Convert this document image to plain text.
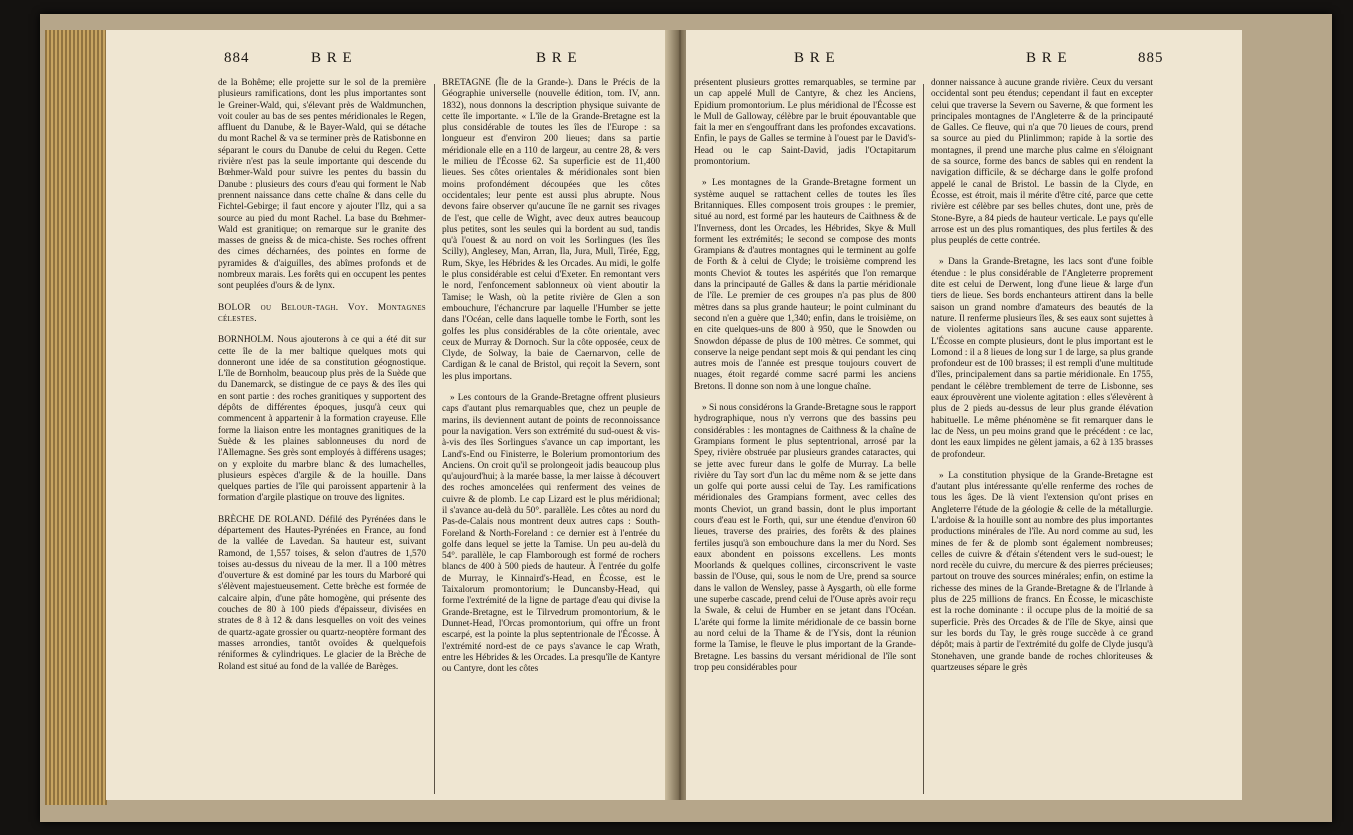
884	B R E	B R E

de la Bohême; elle projette sur le sol de la première plusieurs ramifications, dont les plus importantes sont le Greiner-Wald, qui, s'élevant près de Waldmunchen, voit couler au bas de ses pentes méridionales le Regen, affluent du Danube, & le Bayer-Wald, qui se détache du mont Rachel & va se terminer près de Ratisbonne en séparant le cours du Danube de celui du Regen. Cette rivière n'est pas la seule importante qui descende du Bœhmer-Wald pour suivre les pentes du bassin du Danube : plusieurs des cours d'eau qui forment le Nab prennent naissance dans cette chaîne & dans celle du Fichtel-Gebirge; il faut encore y ajouter l'Ilz, qui a sa source au pied du mont Rachel. La base du Bœhmer-Wald est granitique; on remarque sur le granite des masses de gneiss & de mica-chiste. Ses roches offrent des cimes décharnées, des pointes en forme de pyramides & d'aiguilles, des abîmes profonds et de nombreux marais. Les forêts qui en occupent les pentes sont peuplées d'ours & de lynx.

BOLOR ou Belour-tagh. Voy. Montagnes célestes.

BORNHOLM. Nous ajouterons à ce qui a été dit sur cette île de la mer baltique quelques mots qui donneront une idée de sa constitution géognostique. L'île de Bornholm, beaucoup plus près de la Suède que du Danemarck, se distingue de ce pays & des îles qui en sont partie : des roches granitiques y supportent des dépôts de différentes époques, jusqu'à ceux qui commencent à appartenir à la formation crayeuse. Elle forme la liaison entre les montagnes granitiques de la Suède & les plaines sablonneuses du nord de l'Allemagne. Ses grès sont employés à différens usages; on y exploite du marbre blanc & des lumachelles, plusieurs espèces d'argile & de la houille. Dans quelques parties de l'île qui paroissent appartenir à la formation d'argile plastique on trouve des lignites.

BRÈCHE DE ROLAND. Défilé des Pyrénées dans le département des Hautes-Pyrénées en France, au fond de la vallée de Lavedan. Sa hauteur est, suivant Ramond, de 1,557 toises, & selon d'autres de 1,570 toises au-dessus du niveau de la mer. Il a 100 mètres d'ouverture & est dominé par les tours du Marboré qui s'élèvent majestueusement. Cette brèche est formée de calcaire alpin, d'une pâte homogène, qui présente des couches de 80 à 100 pieds d'épaisseur, divisées en strates de 8 à 12 & dans lesquelles on voit des veines de quartz-agate grossier ou quartz-neoptère formant des masses arrondies, tantôt ovoïdes & quelquefois réniformes & cylindriques. Le glacier de la Brèche de Roland est situé au fond de la vallée de Barèges.

BRETAGNE (Île de la Grande-). Dans le Précis de la Géographie universelle (nouvelle édition, tom. IV, ann. 1832), nous donnons la description physique suivante de cette île importante. « L'île de la Grande-Bretagne est la plus considérable de toutes les îles de l'Europe : sa longueur est d'environ 200 lieues; dans sa partie méridionale elle en a 110 de largeur, au centre 28, & vers le milieu de l'Écosse 62. Sa superficie est de 11,400 lieues. Ses côtes orientales & méridionales sont bien moins profondément découpées que les côtes occidentales; leur pente est aussi plus abrupte. Nous devons faire observer qu'aucune île ne garnit ses rivages de l'est, que celle de Wight, avec deux autres beaucoup plus petites, sont les seules qui la bordent au sud, tandis qu'à l'ouest & au nord on voit les Sorlingues (les îles Scilly), Anglesey, Man, Arran, Ila, Jura, Mull, Tirée, Egg, Rum, Skye, les Hébrides & les Orcades. Au midi, le golfe le plus considérable est celui d'Exeter. En remontant vers le nord, l'enfoncement sablonneux où vient aboutir la Tamise; le Wash, où la petite rivière de Glen a son embouchure, l'échancrure par laquelle l'Humber se jette dans l'Océan, celle dans laquelle tombe le Forth, sont les golfes les plus considérables de la côte orientale, avec ceux de Murray & Dornoch. Sur la côte opposée, ceux de Clyde, de Solway, la baie de Caernarvon, celle de Cardigan & le canal de Bristol, qui reçoit la Severn, sont les plus importans.

» Les contours de la Grande-Bretagne offrent plusieurs caps d'autant plus remarquables que, chez un peuple de marins, ils deviennent autant de points de reconnoissance pour la navigation. Vers son extrémité du sud-ouest & vis-à-vis des îles Sorlingues s'avance un cap important, les Land's-End ou Finisterre, le Bolerium promontorium des Anciens. On croit qu'il se prolongeoit jadis beaucoup plus qu'aujourd'hui; à la marée basse, la mer laisse à découvert des roches amoncelées qui renferment des veines de cuivre & de plomb. Le cap Lizard est le plus méridional; il s'avance au-delà du 50°. parallèle. Les côtes au nord du Pas-de-Calais nous montrent deux autres caps : South-Foreland & North-Foreland : ce dernier est à l'entrée du golfe dans lequel se jette la Tamise. Un peu au-delà du 54°. parallèle, le cap Flamborough est formé de rochers blancs de 400 à 500 pieds de hauteur. À l'entrée du golfe de Murray, le Kinnaird's-Head, en Écosse, est le Taixalorum promontorium; le Duncansby-Head, qui forme l'extrémité de la ligne de partage d'eau qui divise la Grande-Bretagne, est le Tilrvedrum promontorium, & le Dunnet-Head, l'Orcas promontorium, qui offre un front escarpé, est la pointe la plus septentrionale de l'Écosse. À l'extrémité nord-est de ce pays s'avance le cap Wrath, entre les Hébrides & les Orcades. La presqu'île de Kantyre ou Cantyre, dont les côtes

B R E	B R E	885

présentent plusieurs grottes remarquables, se termine par un cap appelé Mull de Cantyre, & chez les Anciens, Epidium promontorium. Le plus méridional de l'Écosse est le Mull de Galloway, célèbre par le bruit épouvantable que fait la mer en s'engouffrant dans les profondes excavations. Enfin, le pays de Galles se termine à l'ouest par le David's-Head ou le cap Saint-David, jadis l'Octapitarum promontorium.

» Les montagnes de la Grande-Bretagne forment un système auquel se rattachent celles de toutes les îles Britanniques. Elles composent trois groupes : le premier, situé au nord, est formé par les hauteurs de Caithness & de l'Inverness, dont les Orcades, les Hébrides, Skye & Mull forment les extrémités; le second se compose des monts Grampians & d'autres montagnes qui le terminent au golfe de Forth & à celui de Clyde; le troisième comprend les monts Cheviot & toutes les aspérités que l'on remarque dans la principauté de Galles & dans la partie méridionale de l'île. Le premier de ces groupes n'a pas plus de 800 mètres dans sa plus grande hauteur; le point culminant du second n'en a guère que 1,340; enfin, dans le troisième, on en cite quelques-uns de 800 à 950, que le Snowden ou Snowdon dépasse de plus de 100 mètres. Ce sommet, qui conserve la neige pendant sept mois & qui pendant les cinq autres mois de l'année est presque toujours couvert de nuages, étoit regardé comme sacré parmi les anciens Bretons. Il donne son nom à une longue chaîne.

» Si nous considérons la Grande-Bretagne sous le rapport hydrographique, nous n'y verrons que des bassins peu considérables : les montagnes de Caithness & la chaîne de Grampians forment le plus septentrional, arrosé par la Spey, rivière obstruée par plusieurs grandes cataractes, qui se jette avec fureur dans le golfe de Murray. La belle rivière du Tay sort d'un lac du même nom & se jette dans un golfe qui porte aussi celui de Tay. Les ramifications méridionales des Grampians forment, avec celles des monts Cheviot, un grand bassin, dont le plus important cours d'eau est le Forth, qui, sur une étendue d'environ 60 lieues, traverse des prairies, des forêts & des plaines fertiles jusqu'à son embouchure dans la mer du Nord. Ses eaux abondent en poissons excellens. Les monts Moorlands & quelques collines, circonscrivent le vaste bassin de l'Ouse, qui, sous le nom de Ure, prend sa source dans le vallon de Wensley, passe à Aysgarth, où elle forme une superbe cascade, prend celui de l'Ouse après avoir reçu la Swale, & celui de Humber en se jetant dans l'Océan. L'aréte qui forme la limite méridionale de ce bassin borne au nord celui de la Thame & de l'Ysis, dont la réunion forme la Tamise, le fleuve le plus important de la Grande-Bretagne. Les bassins du versant méridional de l'île sont trop peu considérables pour

donner naissance à aucune grande rivière. Ceux du versant occidental sont peu étendus; cependant il faut en excepter celui que traverse la Severn ou Saverne, & que forment les principales montagnes de l'Angleterre & de la principauté de Galles. Ce fleuve, qui n'a que 70 lieues de cours, prend sa source au pied du Plinlimmon; rapide à la sortie des montagnes, il prend une marche plus calme en s'éloignant de sa source, forme des bancs de sables qui en rendent la navigation difficile, & se décharge dans le golfe profond appelé le canal de Bristol. Le bassin de la Clyde, en Écosse, est étroit, mais il mérite d'être cité, parce que cette rivière est célèbre par ses belles chutes, dont une, près de Stone-Byre, a 84 pieds de hauteur verticale. Le pays qu'elle arrose est un des plus romantiques, des plus fertiles & des plus peuplés de cette contrée.

» Dans la Grande-Bretagne, les lacs sont d'une foible étendue : le plus considérable de l'Angleterre proprement dite est celui de Derwent, long d'une lieue & large d'un tiers de lieue. Ses bords enchanteurs attirent dans la belle saison un grand nombre d'amateurs des beautés de la nature. Il renferme plusieurs îles, & ses eaux sont sujettes à de violentes agitations sans aucune cause apparente. L'Écosse en compte plusieurs, dont le plus important est le Lomond : il a 8 lieues de long sur 1 de large, sa plus grande profondeur est de 100 brasses; il est rempli d'une multitude d'îles, principalement dans sa partie méridionale. En 1755, pendant le célèbre tremblement de terre de Lisbonne, ses eaux éprouvèrent une violente agitation : elles s'élevèrent à plus de 2 pieds au-dessus de leur plus grande élévation habituelle. Le même phénomène se fit remarquer dans le lac de Ness, un peu moins grand que le précédent : ce lac, dont les eaux limpides ne gèlent jamais, a 62 à 135 brasses de profondeur.

» La constitution physique de la Grande-Bretagne est d'autant plus intéressante qu'elle renferme des roches de tous les âges. De là vient l'extension qu'ont prises en Angleterre l'étude de la géologie & celle de la métallurgie. L'ardoise & la houille sont au nombre des plus importantes productions minérales de l'île. Au nord comme au sud, les mines de fer & de plomb sont également nombreuses; celles de cuivre & d'étain s'étendent vers le sud-ouest; le nord recèle du cuivre, du mercure & des pierres précieuses; partout on trouve des sources minérales; enfin, on estime la richesse des mines de la Grande-Bretagne & de l'Irlande à plus de 225 millions de francs. En Écosse, le micaschiste est la roche dominante : il occupe plus de la moitié de sa superficie. Près des Orcades & de l'île de Skye, ainsi que sur les bords du Tay, le grès rouge succède à ce grand dépôt; mais à partir de l'extrémité du golfe de Clyde jusqu'à Stonehaven, une grande bande de roches chloriteuses & quartzeuses sépare le grès
